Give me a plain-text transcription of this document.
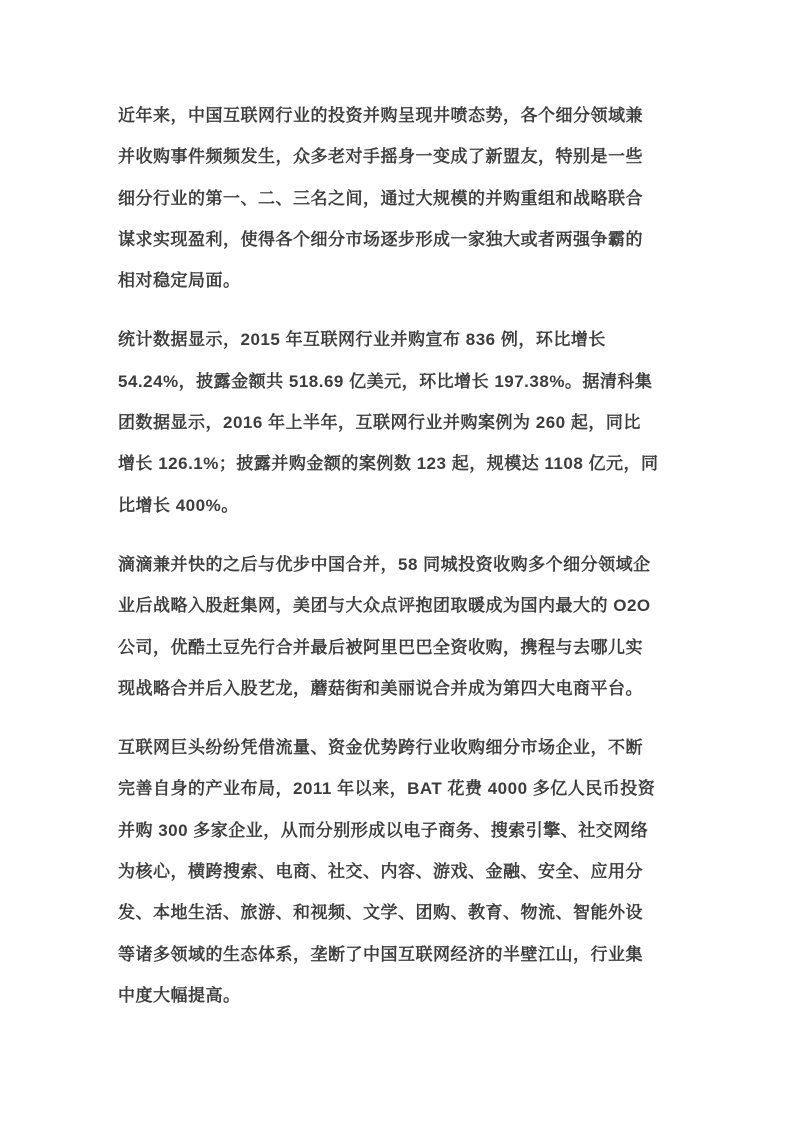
近年来，中国互联网行业的投资并购呈现井喷态势，各个细分领域兼
并收购事件频频发生，众多老对手摇身一变成了新盟友，特别是一些
细分行业的第一、二、三名之间，通过大规模的并购重组和战略联合
谋求实现盈利，使得各个细分市场逐步形成一家独大或者两强争霸的
相对稳定局面。
统计数据显示，2015 年互联网行业并购宣布 836 例，环比增长
54.24%，披露金额共 518.69 亿美元，环比增长 197.38%。据清科集
团数据显示，2016 年上半年，互联网行业并购案例为 260 起，同比
增长 126.1%；披露并购金额的案例数 123 起，规模达 1108 亿元，同
比增长 400%。
滴滴兼并快的之后与优步中国合并，58 同城投资收购多个细分领域企
业后战略入股赶集网，美团与大众点评抱团取暖成为国内最大的 O2O
公司，优酷土豆先行合并最后被阿里巴巴全资收购，携程与去哪儿实
现战略合并后入股艺龙，蘑菇街和美丽说合并成为第四大电商平台。
互联网巨头纷纷凭借流量、资金优势跨行业收购细分市场企业，不断
完善自身的产业布局，2011 年以来，BAT 花费 4000 多亿人民币投资
并购 300 多家企业，从而分别形成以电子商务、搜索引擎、社交网络
为核心，横跨搜索、电商、社交、内容、游戏、金融、安全、应用分
发、本地生活、旅游、和视频、文学、团购、教育、物流、智能外设
等诸多领域的生态体系，垄断了中国互联网经济的半壁江山，行业集
中度大幅提高。
